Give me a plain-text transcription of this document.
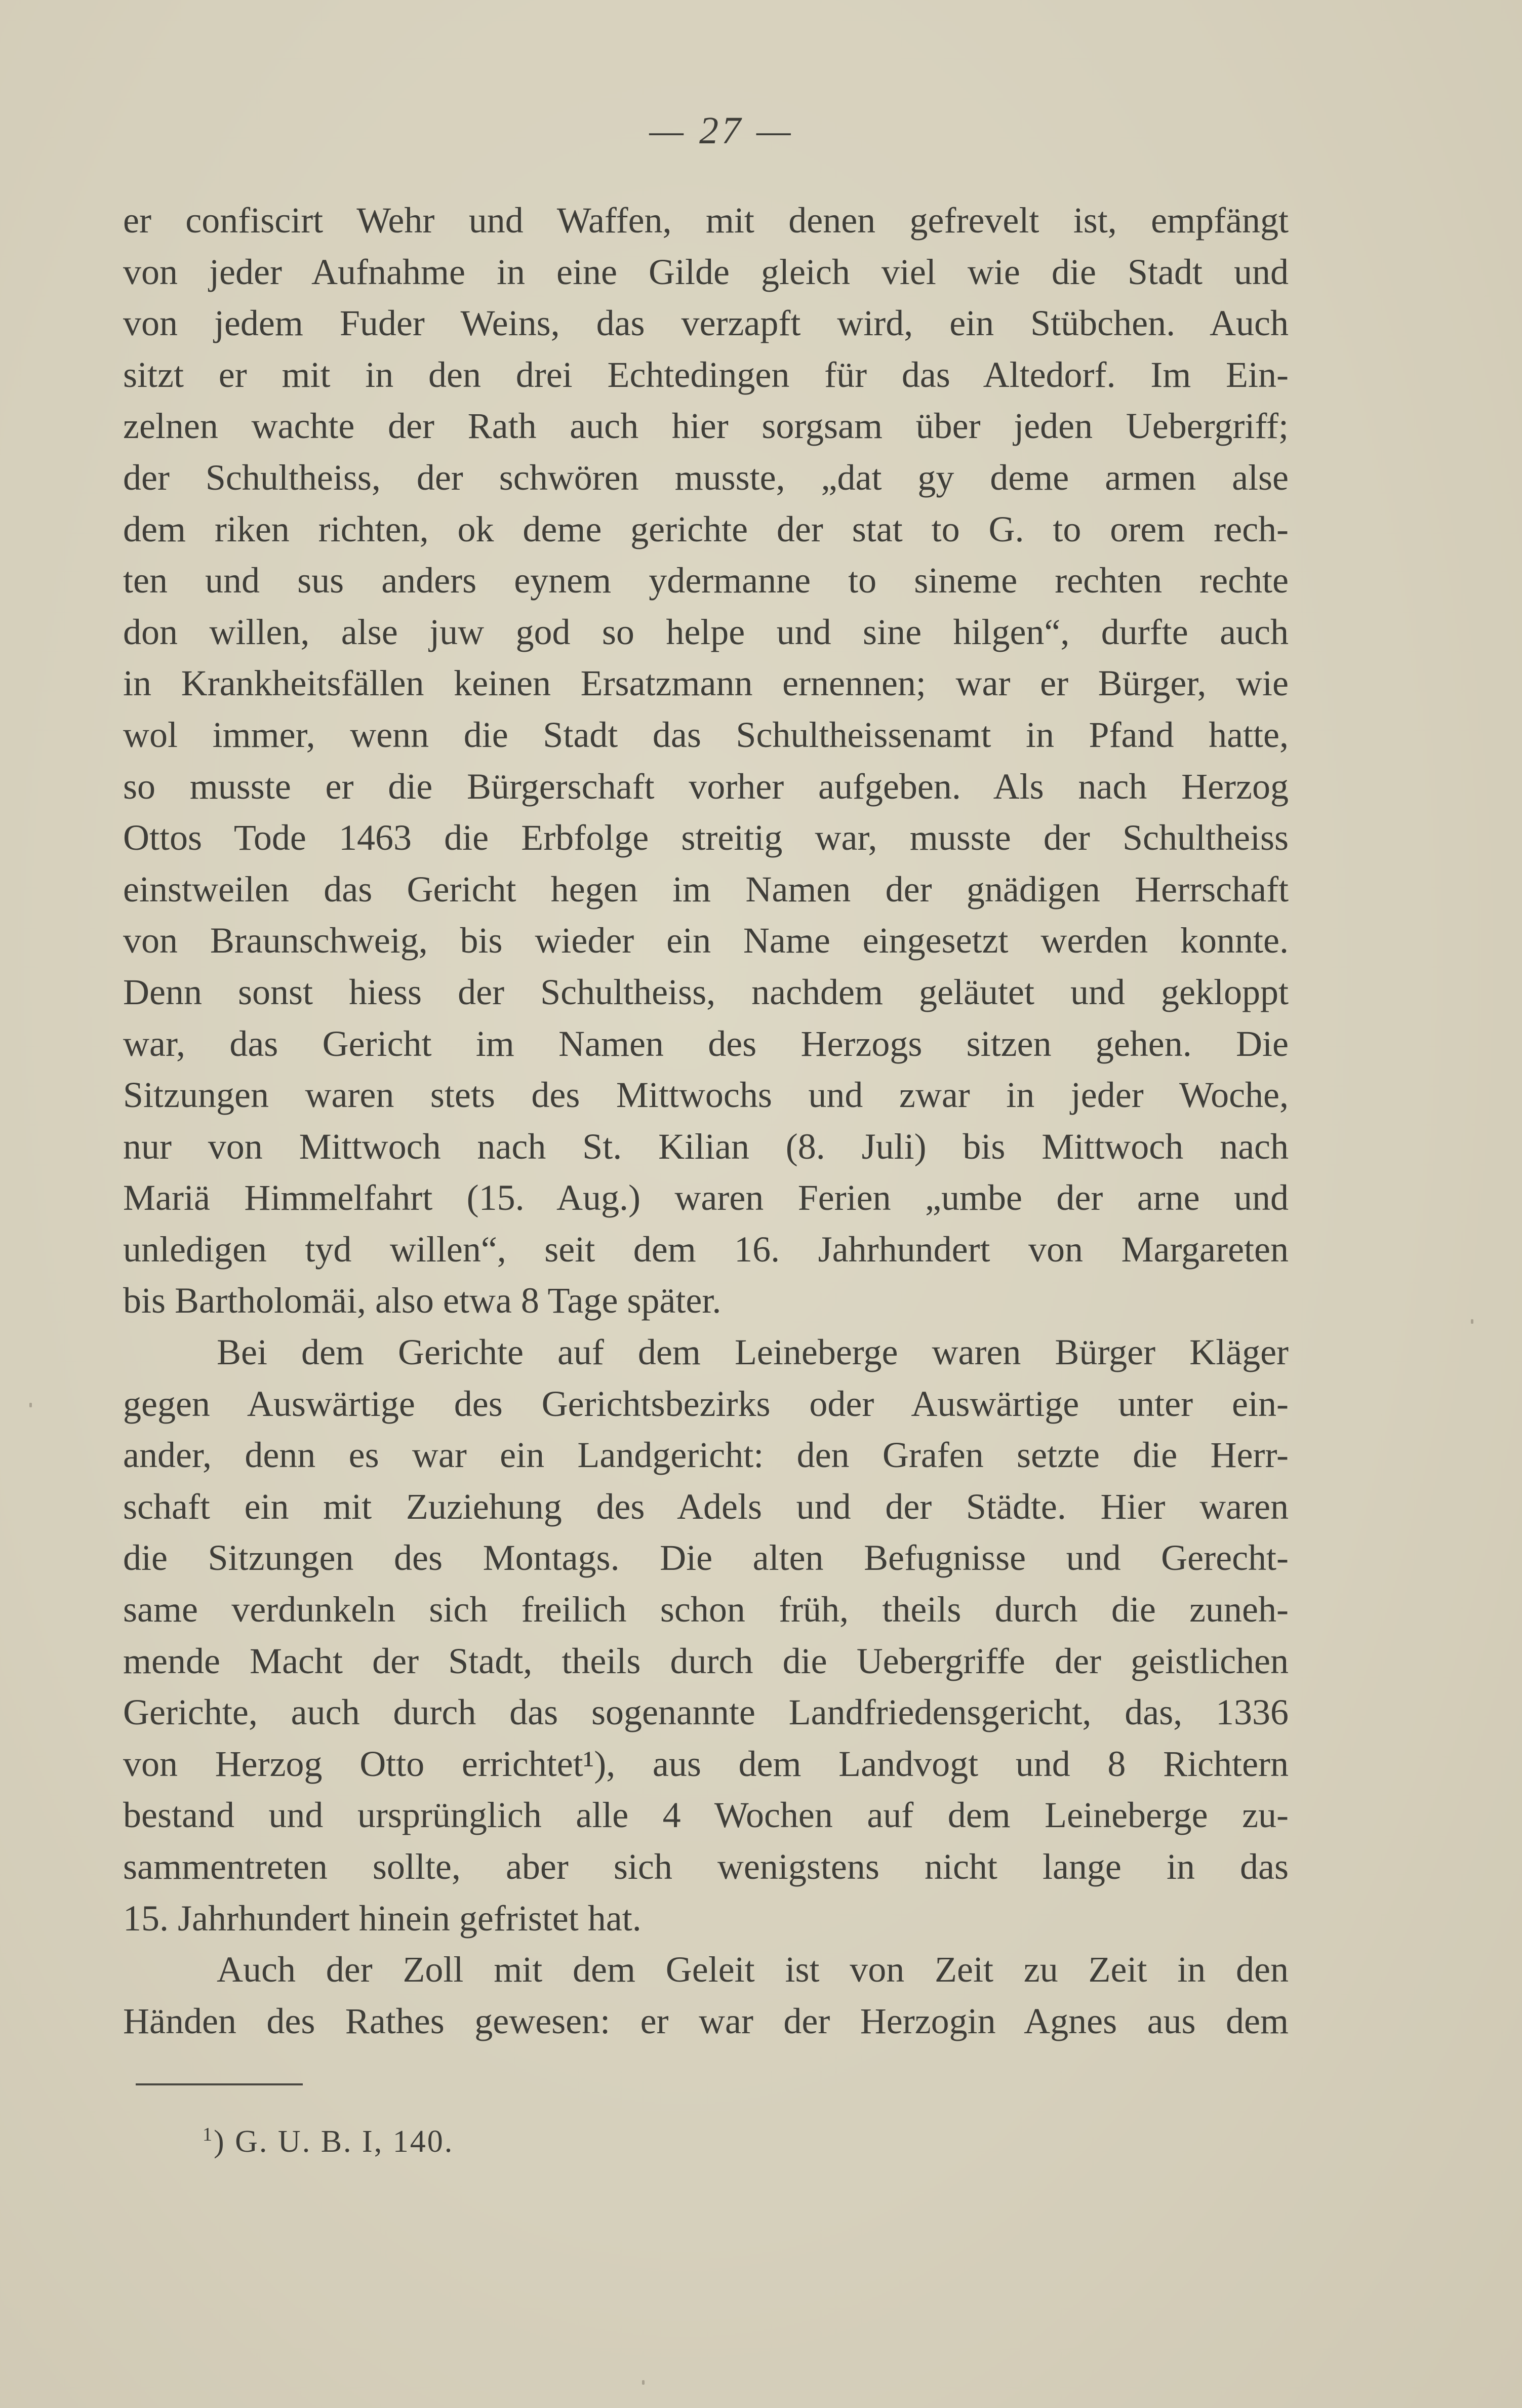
— 27 —
er confiscirt Wehr und Waffen, mit denen gefrevelt ist, empfängt
von jeder Aufnahme in eine Gilde gleich viel wie die Stadt und
von jedem Fuder Weins, das verzapft wird, ein Stübchen. Auch
sitzt er mit in den drei Echtedingen für das Altedorf. Im Ein-
zelnen wachte der Rath auch hier sorgsam über jeden Uebergriff;
der Schultheiss, der schwören musste, „dat gy deme armen alse
dem riken richten, ok deme gerichte der stat to G. to orem rech-
ten und sus anders eynem ydermanne to sineme rechten rechte
don willen, alse juw god so helpe und sine hilgen“, durfte auch
in Krankheitsfällen keinen Ersatzmann ernennen; war er Bürger, wie
wol immer, wenn die Stadt das Schultheissenamt in Pfand hatte,
so musste er die Bürgerschaft vorher aufgeben. Als nach Herzog
Ottos Tode 1463 die Erbfolge streitig war, musste der Schultheiss
einstweilen das Gericht hegen im Namen der gnädigen Herrschaft
von Braunschweig, bis wieder ein Name eingesetzt werden konnte.
Denn sonst hiess der Schultheiss, nachdem geläutet und gekloppt
war, das Gericht im Namen des Herzogs sitzen gehen. Die
Sitzungen waren stets des Mittwochs und zwar in jeder Woche,
nur von Mittwoch nach St. Kilian (8. Juli) bis Mittwoch nach
Mariä Himmelfahrt (15. Aug.) waren Ferien „umbe der arne und
unledigen tyd willen“, seit dem 16. Jahrhundert von Margareten
bis Bartholomäi, also etwa 8 Tage später.
Bei dem Gerichte auf dem Leineberge waren Bürger Kläger
gegen Auswärtige des Gerichtsbezirks oder Auswärtige unter ein-
ander, denn es war ein Landgericht: den Grafen setzte die Herr-
schaft ein mit Zuziehung des Adels und der Städte. Hier waren
die Sitzungen des Montags. Die alten Befugnisse und Gerecht-
same verdunkeln sich freilich schon früh, theils durch die zuneh-
mende Macht der Stadt, theils durch die Uebergriffe der geistlichen
Gerichte, auch durch das sogenannte Landfriedensgericht, das, 1336
von Herzog Otto errichtet¹), aus dem Landvogt und 8 Richtern
bestand und ursprünglich alle 4 Wochen auf dem Leineberge zu-
sammentreten sollte, aber sich wenigstens nicht lange in das
15. Jahrhundert hinein gefristet hat.
Auch der Zoll mit dem Geleit ist von Zeit zu Zeit in den
Händen des Rathes gewesen: er war der Herzogin Agnes aus dem
$^1$) G. U. B. I, 140.
